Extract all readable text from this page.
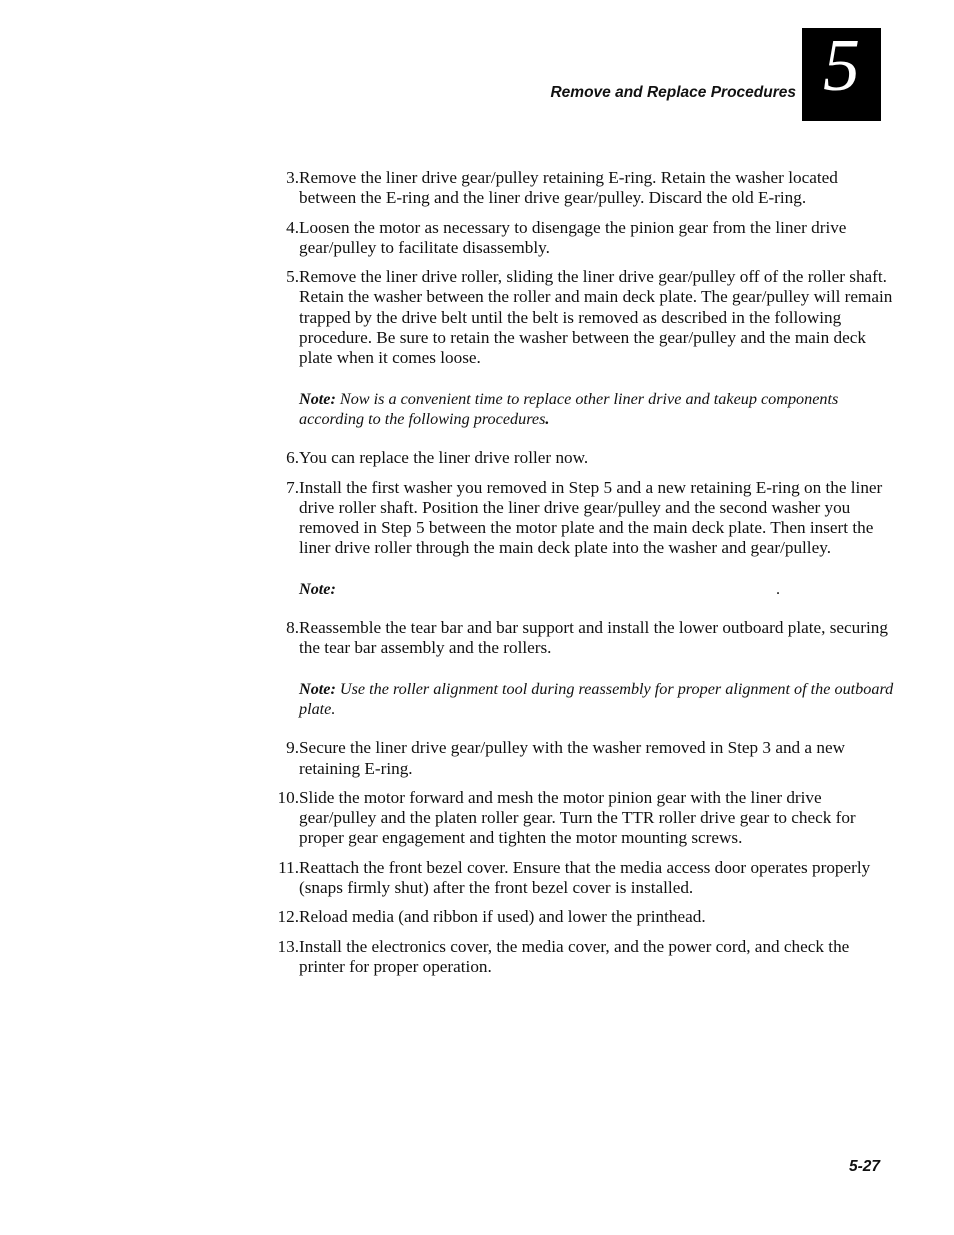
Remove and Replace Procedures 5
3. Remove the liner drive gear/pulley retaining E-ring. Retain the washer located between the E-ring and the liner drive gear/pulley. Discard the old E-ring.
4. Loosen the motor as necessary to disengage the pinion gear from the liner drive gear/pulley to facilitate disassembly.
5. Remove the liner drive roller, sliding the liner drive gear/pulley off of the roller shaft. Retain the washer between the roller and main deck plate. The gear/pulley will remain trapped by the drive belt until the belt is removed as described in the following procedure. Be sure to retain the washer between the gear/pulley and the main deck plate when it comes loose.
Note: Now is a convenient time to replace other liner drive and takeup components according to the following procedures.
6. You can replace the liner drive roller now.
7. Install the first washer you removed in Step 5 and a new retaining E-ring on the liner drive roller shaft. Position the liner drive gear/pulley and the second washer you removed in Step 5 between the motor plate and the main deck plate. Then insert the liner drive roller through the main deck plate into the washer and gear/pulley.
Note:	.
8. Reassemble the tear bar and bar support and install the lower outboard plate, securing the tear bar assembly and the rollers.
Note: Use the roller alignment tool during reassembly for proper alignment of the outboard plate.
9. Secure the liner drive gear/pulley with the washer removed in Step 3 and a new retaining E-ring.
10. Slide the motor forward and mesh the motor pinion gear with the liner drive gear/pulley and the platen roller gear. Turn the TTR roller drive gear to check for proper gear engagement and tighten the motor mounting screws.
11. Reattach the front bezel cover. Ensure that the media access door operates properly (snaps firmly shut) after the front bezel cover is installed.
12. Reload media (and ribbon if used) and lower the printhead.
13. Install the electronics cover, the media cover, and the power cord, and check the printer for proper operation.
5-27
